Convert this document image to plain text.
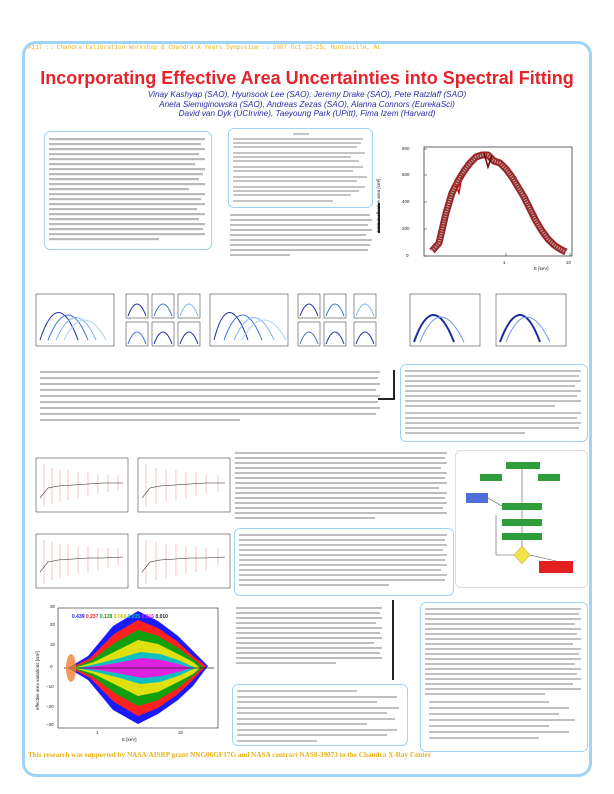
#117 :: Chandra Calibration Workshop & Chandra X Years Symposium :: 2007 Oct 22-25, Huntsville, AL
Incorporating Effective Area Uncertainties into Spectral Fitting
Vinay Kashyap (SAO), Hyunsook Lee (SAO), Jeremy Drake (SAO), Pete Ratzlaff (SAO)
Aneta Siemiginowska (SAO), Andreas Zezas (SAO), Alanna Connors (EurekaSci)
David van Dyk (UCIrvine), Taeyoung Park (UPitt), Fima Izem (Harvard)
0
200
400
600
800
1	10
E [keV]
ACIS-S effective area [cm²]
0.439 0.237 0.128 0.068 0.035 0.016 0.010
30
20
10
0
−10
−20
−30
1	10
E [keV]
effective area variations [cm²]
This research was supported by NASA/AISRP grant NNG06GF17G and NASA contract NAS8-39073 to the Chandra X-Ray Center
